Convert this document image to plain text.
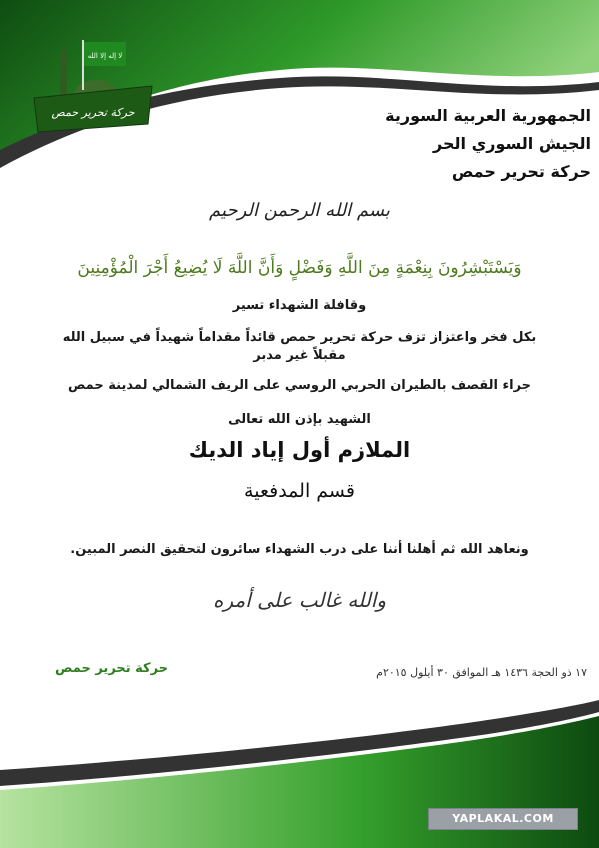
لا إله إلا الله
حركة تحرير حمص	الجمهورية العربية السورية
الجيش السوري الحر
حركة تحرير حمص
بسم الله الرحمن الرحيم
وَيَسْتَبْشِرُونَ بِنِعْمَةٍ مِنَ اللَّهِ وَفَضْلٍ وَأَنَّ اللَّهَ لَا يُضِيعُ أَجْرَ الْمُؤْمِنِينَ
وقافلة الشهداء تسير
بكل فخر واعتزاز تزف حركة تحرير حمص قائداً مقداماً شهيداً في سبيل الله
مقبلاً غير مدبر
جراء القصف بالطيران الحربي الروسي على الريف الشمالي لمدينة حمص
الشهيد بإذن الله تعالى
الملازم أول إياد الديك
قسم المدفعية
ونعاهد الله ثم أهلنا أننا على درب الشهداء سائرون لتحقيق النصر المبين.
والله غالب على أمره
حركة تحرير حمص	١٧ ذو الحجة ١٤٣٦ هـ الموافق ٣٠ أيلول ٢٠١٥م
YAPLAKAL.COM
